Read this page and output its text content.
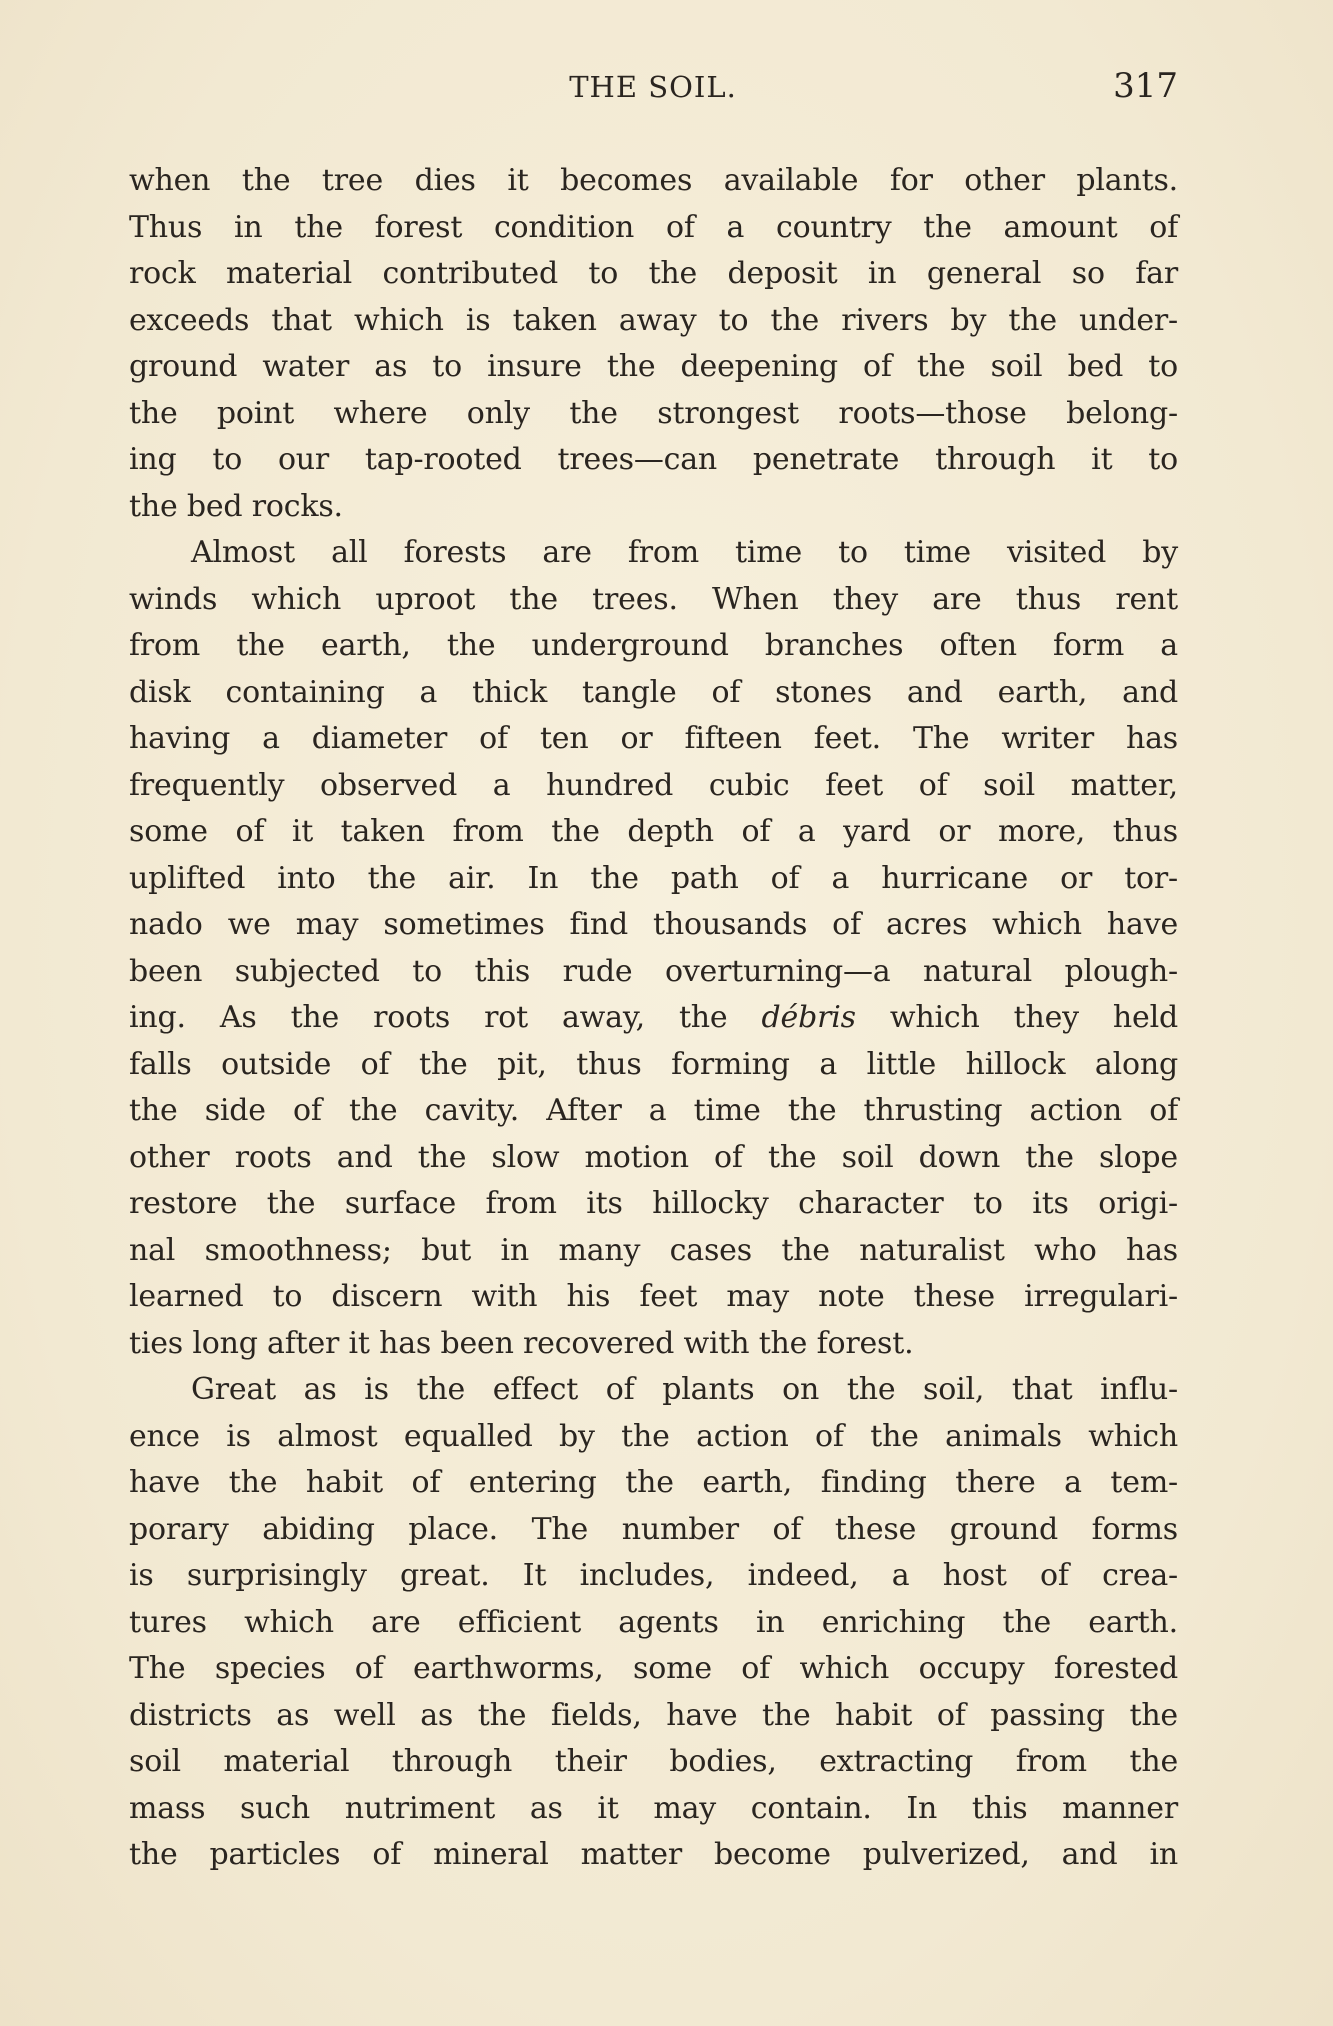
THE SOIL.	317
when the tree dies it becomes available for other plants.
Thus in the forest condition of a country the amount of
rock material contributed to the deposit in general so far
exceeds that which is taken away to the rivers by the under-
ground water as to insure the deepening of the soil bed to
the point where only the strongest roots—those belong-
ing to our tap-rooted trees—can penetrate through it to
the bed rocks.
Almost all forests are from time to time visited by
winds which uproot the trees. When they are thus rent
from the earth, the underground branches often form a
disk containing a thick tangle of stones and earth, and
having a diameter of ten or fifteen feet. The writer has
frequently observed a hundred cubic feet of soil matter,
some of it taken from the depth of a yard or more, thus
uplifted into the air. In the path of a hurricane or tor-
nado we may sometimes find thousands of acres which have
been subjected to this rude overturning—a natural plough-
ing. As the roots rot away, the débris which they held
falls outside of the pit, thus forming a little hillock along
the side of the cavity. After a time the thrusting action of
other roots and the slow motion of the soil down the slope
restore the surface from its hillocky character to its origi-
nal smoothness; but in many cases the naturalist who has
learned to discern with his feet may note these irregulari-
ties long after it has been recovered with the forest.
Great as is the effect of plants on the soil, that influ-
ence is almost equalled by the action of the animals which
have the habit of entering the earth, finding there a tem-
porary abiding place. The number of these ground forms
is surprisingly great. It includes, indeed, a host of crea-
tures which are efficient agents in enriching the earth.
The species of earthworms, some of which occupy forested
districts as well as the fields, have the habit of passing the
soil material through their bodies, extracting from the
mass such nutriment as it may contain. In this manner
the particles of mineral matter become pulverized, and in
